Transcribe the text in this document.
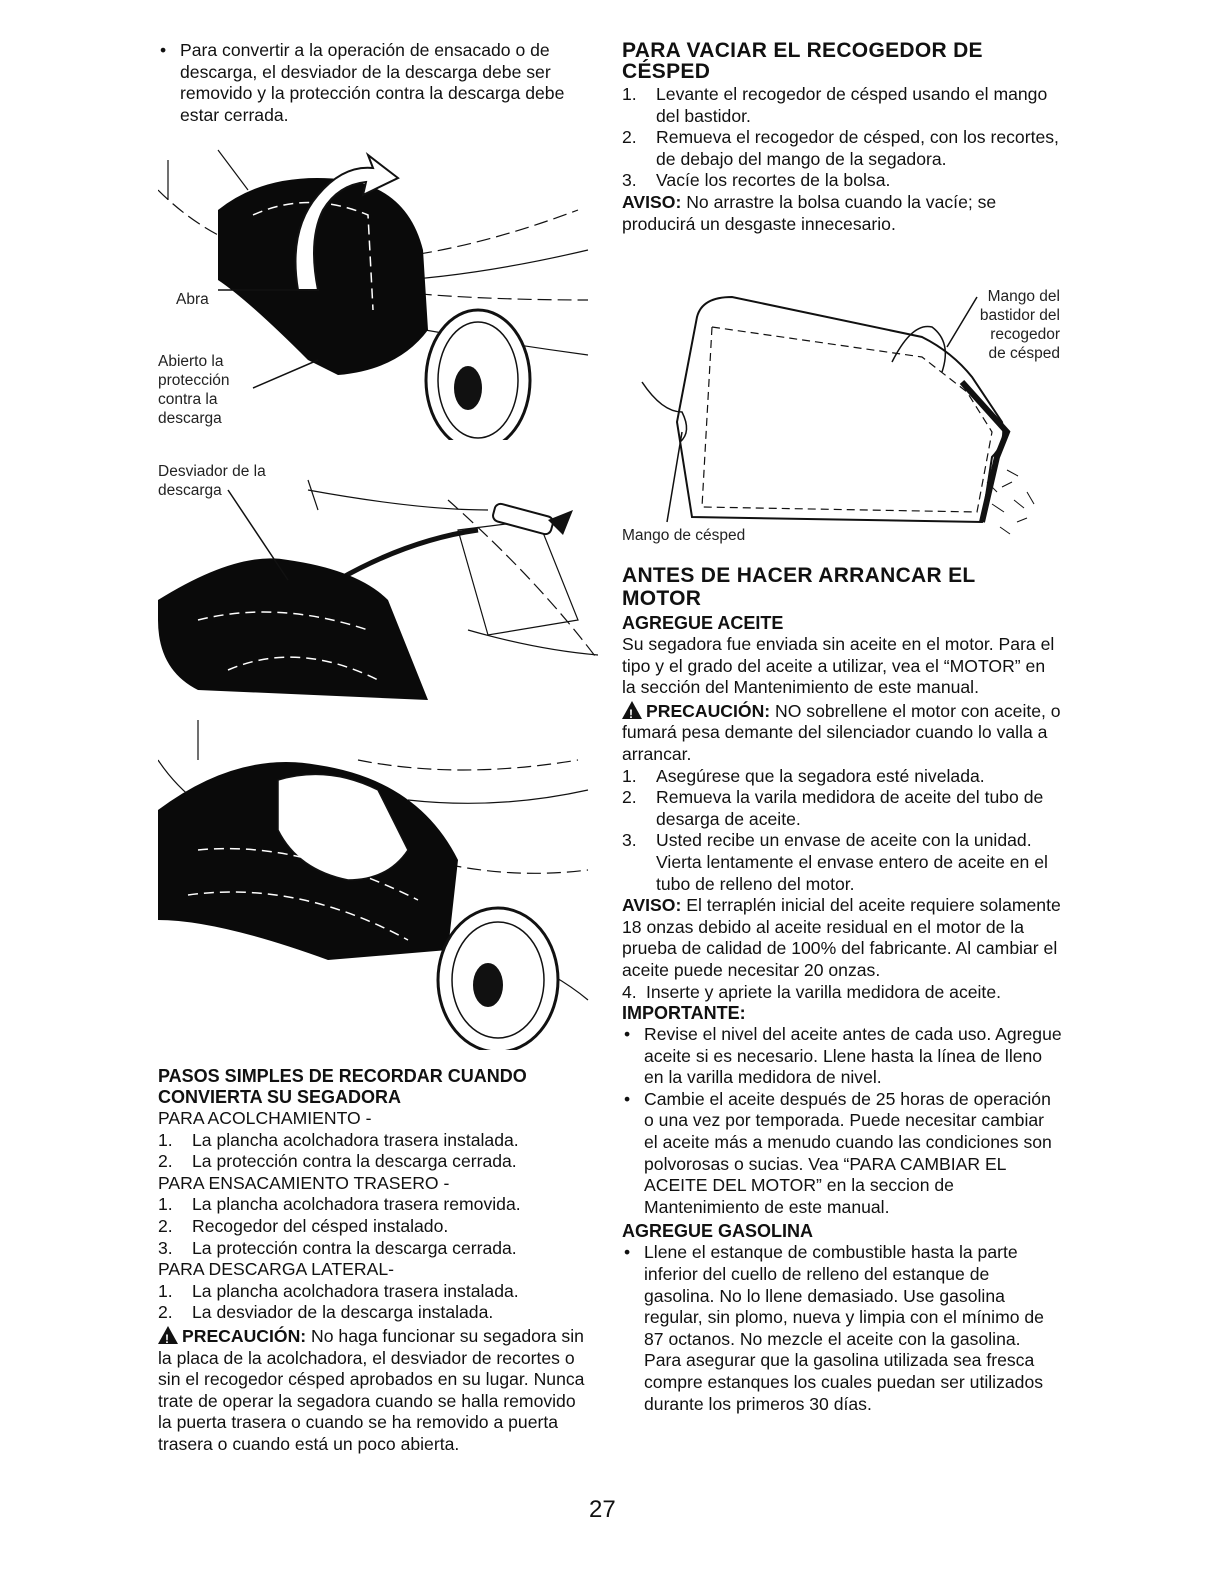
• Para convertir a la operación de ensacado o de descarga, el desviador de la descarga debe ser removido y la protección contra la descarga debe estar cerrada.

Abra
Abierto la protección contra la descarga
Desviador de la descarga
PASOS SIMPLES DE RECORDAR CUANDO CONVIERTA SU SEGADORA

PARA ACOLCHAMIENTO -

1. La plancha acolchadora trasera instalada.

2. La protección contra la descarga cerrada.

PARA ENSACAMIENTO TRASERO -

1. La plancha acolchadora trasera removida.

2. Recogedor del césped instalado.

3. La protección contra la descarga cerrada.

PARA DESCARGA LATERAL-

1. La plancha acolchadora trasera instalada.

2. La desviador de la descarga instalada.

!PRECAUCIÓN: No haga funcionar su segadora sin la placa de la acolchadora, el desviador de recortes o sin el recogedor césped aprobados en su lugar. Nunca trate de operar la segadora cuando se halla removido la puerta trasera o cuando se ha removido a puerta trasera o cuando está un poco abierta.

PARA VACIAR EL RECOGEDOR DE CÉSPED

1. Levante el recogedor de césped usando el mango del bastidor.

2. Remueva el recogedor de césped, con los recortes, de debajo del mango de la segadora.

3. Vacíe los recortes de la bolsa.

AVISO: No arrastre la bolsa cuando la vacíe; se producirá un desgaste innecesario.

Mango del bastidor del recogedor de césped
Mango de césped
ANTES DE HACER ARRANCAR EL MOTOR
AGREGUE ACEITE

Su segadora fue enviada sin aceite en el motor. Para el tipo y el grado del aceite a utilizar, vea el “MOTOR” en la sección del Mantenimiento de este manual.

!PRECAUCIÓN: NO sobrellene el motor con aceite, o fumará pesa demante del silenciador cuando lo valla a arrancar.

1. Asegúrese que la segadora esté nivelada.

2. Remueva la varila medidora de aceite del tubo de desarga de aceite.

3. Usted recibe un envase de aceite con la unidad. Vierta lentamente el envase entero de aceite en el tubo de relleno del motor.

AVISO: El terraplén inicial del aceite requiere solamente 18 onzas debido al aceite residual en el motor de la prueba de calidad de 100% del fabricante. Al cambiar el aceite puede necesitar 20 onzas.

4. Inserte y apriete la varilla medidora de aceite.

IMPORTANTE:

• Revise el nivel del aceite antes de cada uso. Agregue aceite si es necesario. Llene hasta la línea de lleno en la varilla medidora de nivel.

• Cambie el aceite después de 25 horas de operación o una vez por temporada. Puede necesitar cambiar el aceite más a menudo cuando las condiciones son polvorosas o sucias. Vea “PARA CAMBIAR EL ACEITE DEL MOTOR” en la seccion de Mantenimiento de este manual.

AGREGUE GASOLINA

• Llene el estanque de combustible hasta la parte inferior del cuello de relleno del estanque de gasolina. No lo llene demasiado. Use gasolina regular, sin plomo, nueva y limpia con el mínimo de 87 octanos. No mezcle el aceite con la gasolina. Para asegurar que la gasolina utilizada sea fresca compre estanques los cuales puedan ser utilizados durante los primeros 30 días.

27
